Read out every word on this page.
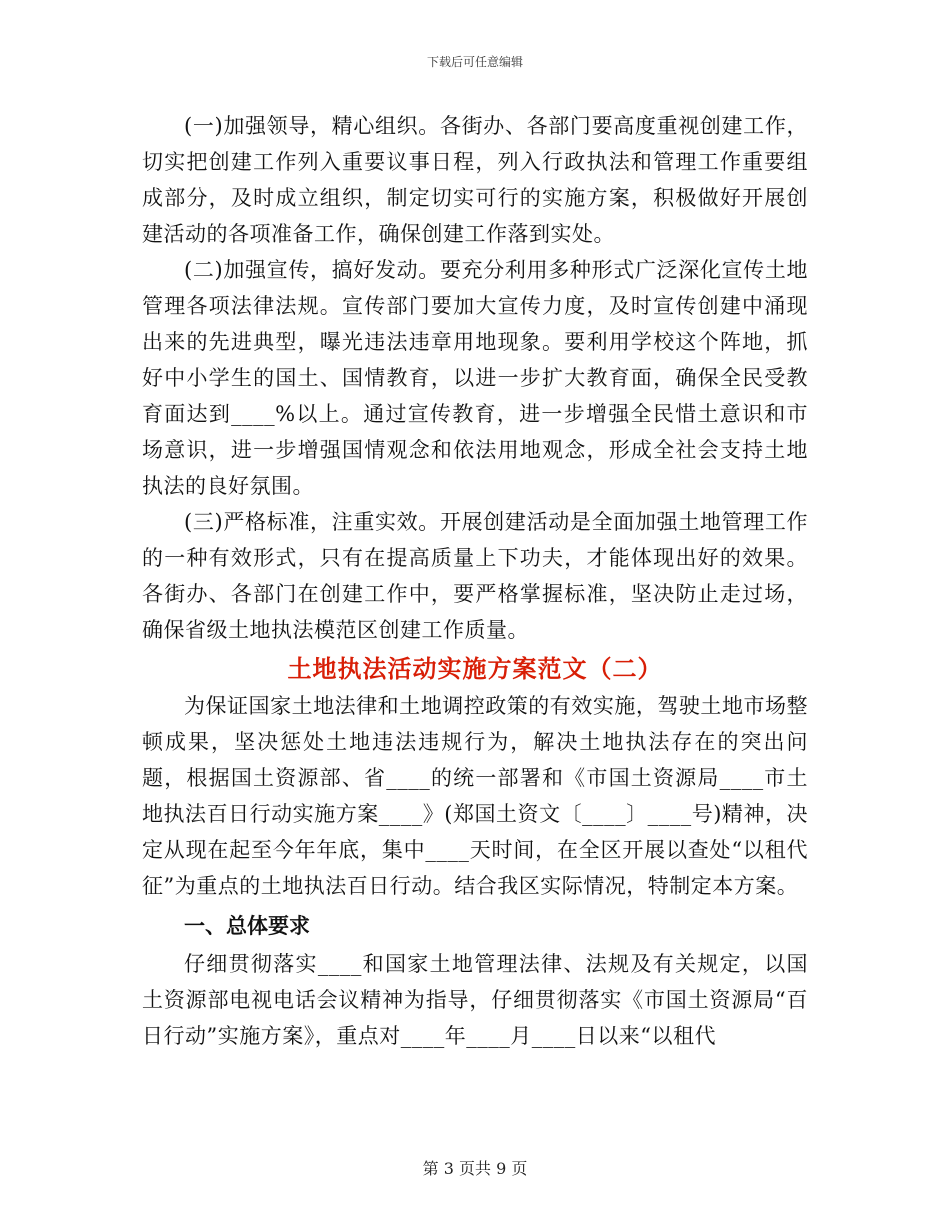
下载后可任意编辑

(一)加强领导，精心组织。各街办、各部门要高度重视创建工作，切实把创建工作列入重要议事日程，列入行政执法和管理工作重要组成部分，及时成立组织，制定切实可行的实施方案，积极做好开展创建活动的各项准备工作，确保创建工作落到实处。

(二)加强宣传，搞好发动。要充分利用多种形式广泛深化宣传土地管理各项法律法规。宣传部门要加大宣传力度，及时宣传创建中涌现出来的先进典型，曝光违法违章用地现象。要利用学校这个阵地，抓好中小学生的国土、国情教育，以进一步扩大教育面，确保全民受教育面达到____%以上。通过宣传教育，进一步增强全民惜土意识和市场意识，进一步增强国情观念和依法用地观念，形成全社会支持土地执法的良好氛围。

(三)严格标准，注重实效。开展创建活动是全面加强土地管理工作的一种有效形式，只有在提高质量上下功夫，才能体现出好的效果。各街办、各部门在创建工作中，要严格掌握标准，坚决防止走过场，确保省级土地执法模范区创建工作质量。

土地执法活动实施方案范文（二）

为保证国家土地法律和土地调控政策的有效实施，驾驶土地市场整顿成果，坚决惩处土地违法违规行为，解决土地执法存在的突出问题，根据国土资源部、省____的统一部署和《市国土资源局____市土地执法百日行动实施方案____》(郑国土资文〔____〕____号)精神，决定从现在起至今年年底，集中____天时间，在全区开展以查处“以租代征”为重点的土地执法百日行动。结合我区实际情况，特制定本方案。

一、总体要求

仔细贯彻落实____和国家土地管理法律、法规及有关规定，以国土资源部电视电话会议精神为指导，仔细贯彻落实《市国土资源局“百日行动”实施方案》，重点对____年____月____日以来“以租代

第 3 页共 9 页
